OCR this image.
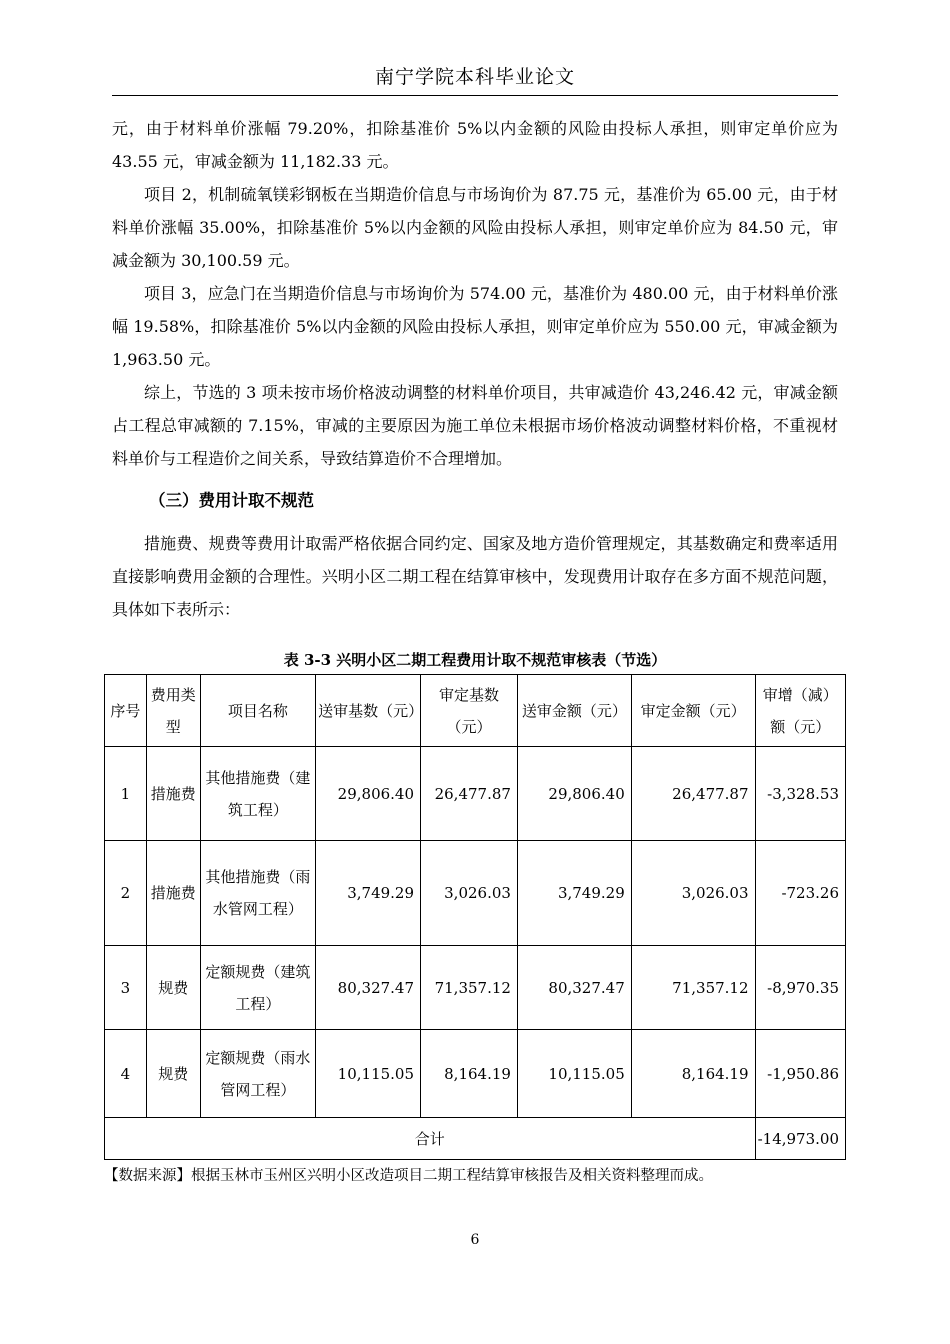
南宁学院本科毕业论文

元，由于材料单价涨幅 79.20%，扣除基准价 5%以内金额的风险由投标人承担，则审定单价应为 43.55 元，审减金额为 11,182.33 元。

项目 2，机制硫氧镁彩钢板在当期造价信息与市场询价为 87.75 元，基准价为 65.00 元，由于材料单价涨幅 35.00%，扣除基准价 5%以内金额的风险由投标人承担，则审定单价应为 84.50 元，审减金额为 30,100.59 元。

项目 3，应急门在当期造价信息与市场询价为 574.00 元，基准价为 480.00 元，由于材料单价涨幅 19.58%，扣除基准价 5%以内金额的风险由投标人承担，则审定单价应为 550.00 元，审减金额为 1,963.50 元。

综上，节选的 3 项未按市场价格波动调整的材料单价项目，共审减造价 43,246.42 元，审减金额占工程总审减额的 7.15%，审减的主要原因为施工单位未根据市场价格波动调整材料价格，不重视材料单价与工程造价之间关系，导致结算造价不合理增加。

（三）费用计取不规范

措施费、规费等费用计取需严格依据合同约定、国家及地方造价管理规定，其基数确定和费率适用直接影响费用金额的合理性。兴明小区二期工程在结算审核中，发现费用计取存在多方面不规范问题，具体如下表所示：

表 3-3 兴明小区二期工程费用计取不规范审核表（节选）
序号	费用类型	项目名称	送审基数（元）	审定基数（元）	送审金额（元）	审定金额（元）	审增（减）额（元）
1	措施费	其他措施费（建筑工程）	29,806.40	26,477.87	29,806.40	26,477.87	-3,328.53
2	措施费	其他措施费（雨水管网工程）	3,749.29	3,026.03	3,749.29	3,026.03	-723.26
3	规费	定额规费（建筑工程）	80,327.47	71,357.12	80,327.47	71,357.12	-8,970.35
4	规费	定额规费（雨水管网工程）	10,115.05	8,164.19	10,115.05	8,164.19	-1,950.86
合计							-14,973.00
【数据来源】根据玉林市玉州区兴明小区改造项目二期工程结算审核报告及相关资料整理而成。
6
